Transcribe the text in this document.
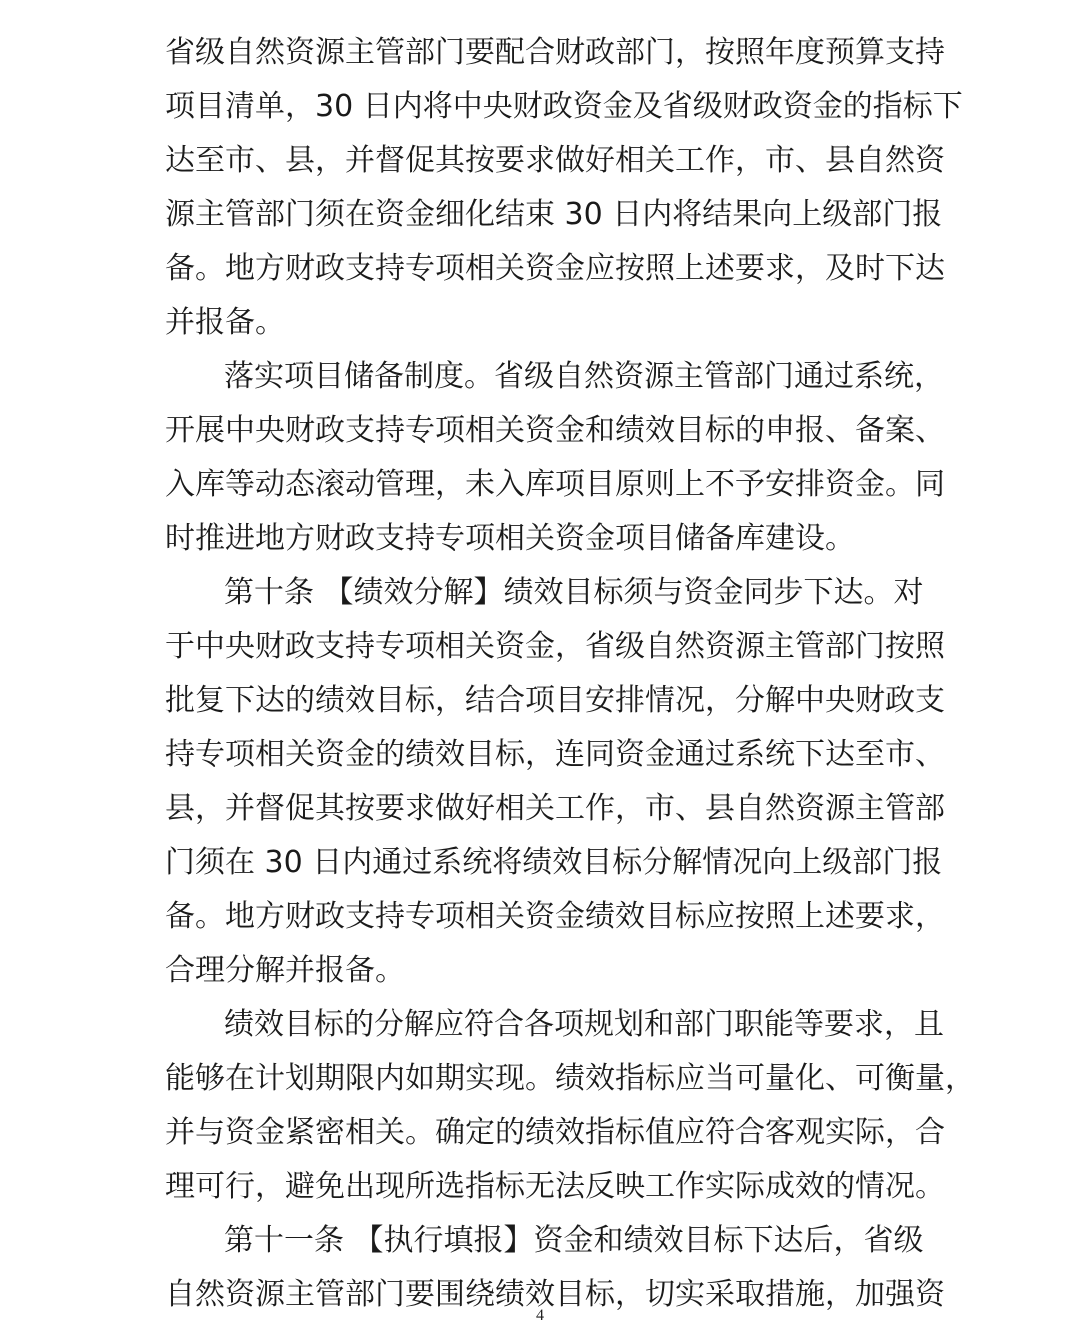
省级自然资源主管部门要配合财政部门，按照年度预算支持
项目清单，30 日内将中央财政资金及省级财政资金的指标下
达至市、县，并督促其按要求做好相关工作，市、县自然资
源主管部门须在资金细化结束 30 日内将结果向上级部门报
备。地方财政支持专项相关资金应按照上述要求，及时下达
并报备。
落实项目储备制度。省级自然资源主管部门通过系统，
开展中央财政支持专项相关资金和绩效目标的申报、备案、
入库等动态滚动管理，未入库项目原则上不予安排资金。同
时推进地方财政支持专项相关资金项目储备库建设。
第十条 【绩效分解】绩效目标须与资金同步下达。对
于中央财政支持专项相关资金，省级自然资源主管部门按照
批复下达的绩效目标，结合项目安排情况，分解中央财政支
持专项相关资金的绩效目标，连同资金通过系统下达至市、
县，并督促其按要求做好相关工作，市、县自然资源主管部
门须在 30 日内通过系统将绩效目标分解情况向上级部门报
备。地方财政支持专项相关资金绩效目标应按照上述要求，
合理分解并报备。
绩效目标的分解应符合各项规划和部门职能等要求，且
能够在计划期限内如期实现。绩效指标应当可量化、可衡量，
并与资金紧密相关。确定的绩效指标值应符合客观实际，合
理可行，避免出现所选指标无法反映工作实际成效的情况。
第十一条 【执行填报】资金和绩效目标下达后，省级
自然资源主管部门要围绕绩效目标，切实采取措施，加强资
4
